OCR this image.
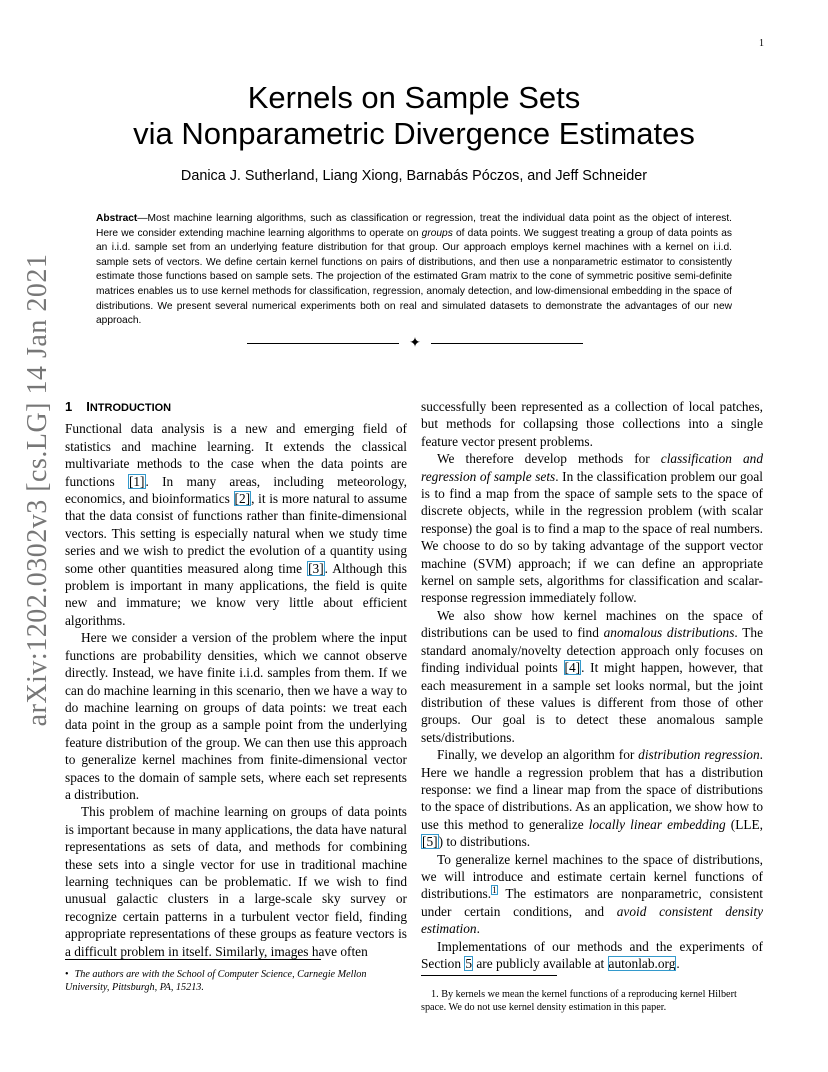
1
arXiv:1202.0302v3 [cs.LG] 14 Jan 2021
Kernels on Sample Sets
via Nonparametric Divergence Estimates
Danica J. Sutherland, Liang Xiong, Barnabás Póczos, and Jeff Schneider
Abstract—Most machine learning algorithms, such as classification or regression, treat the individual data point as the object of interest. Here we consider extending machine learning algorithms to operate on groups of data points. We suggest treating a group of data points as an i.i.d. sample set from an underlying feature distribution for that group. Our approach employs kernel machines with a kernel on i.i.d. sample sets of vectors. We define certain kernel functions on pairs of distributions, and then use a nonparametric estimator to consistently estimate those functions based on sample sets. The projection of the estimated Gram matrix to the cone of symmetric positive semi-definite matrices enables us to use kernel methods for classification, regression, anomaly detection, and low-dimensional embedding in the space of distributions. We present several numerical experiments both on real and simulated datasets to demonstrate the advantages of our new approach.
✦
1 INTRODUCTION

Functional data analysis is a new and emerging field of statistics and machine learning. It extends the classical multivariate methods to the case when the data points are functions [1]. In many areas, including meteorology, economics, and bioinformatics [2], it is more natural to assume that the data consist of functions rather than finite-dimensional vectors. This setting is especially natural when we study time series and we wish to predict the evolution of a quantity using some other quantities measured along time [3]. Although this problem is important in many applications, the field is quite new and immature; we know very little about efficient algorithms.

Here we consider a version of the problem where the input functions are probability densities, which we cannot observe directly. Instead, we have finite i.i.d. samples from them. If we can do machine learning in this scenario, then we have a way to do machine learning on groups of data points: we treat each data point in the group as a sample point from the underlying feature distribution of the group. We can then use this approach to generalize kernel machines from finite-dimensional vector spaces to the domain of sample sets, where each set represents a distribution.

This problem of machine learning on groups of data points is important because in many applications, the data have natural representations as sets of data, and methods for combining these sets into a single vector for use in traditional machine learning techniques can be problematic. If we wish to find unusual galactic clusters in a large-scale sky survey or recognize certain patterns in a turbulent vector field, finding appropriate representations of these groups as feature vectors is a difficult problem in itself. Similarly, images have often

successfully been represented as a collection of local patches, but methods for collapsing those collections into a single feature vector present problems.

We therefore develop methods for classification and regression of sample sets. In the classification problem our goal is to find a map from the space of sample sets to the space of discrete objects, while in the regression problem (with scalar response) the goal is to find a map to the space of real numbers. We choose to do so by taking advantage of the support vector machine (SVM) approach; if we can define an appropriate kernel on sample sets, algorithms for classification and scalar-response regression immediately follow.

We also show how kernel machines on the space of distributions can be used to find anomalous distributions. The standard anomaly/novelty detection approach only focuses on finding individual points [4]. It might happen, however, that each measurement in a sample set looks normal, but the joint distribution of these values is different from those of other groups. Our goal is to detect these anomalous sample sets/distributions.

Finally, we develop an algorithm for distribution regression. Here we handle a regression problem that has a distribution response: we find a linear map from the space of distributions to the space of distributions. As an application, we show how to use this method to generalize locally linear embedding (LLE, [5]) to distributions.

To generalize kernel machines to the space of distributions, we will introduce and estimate certain kernel functions of distributions.$^1$ The estimators are nonparametric, consistent under certain conditions, and avoid consistent density estimation.

Implementations of our methods and the experiments of Section 5 are publicly available at autonlab.org.

• The authors are with the School of Computer Science, Carnegie Mellon University, Pittsburgh, PA, 15213.
1. By kernels we mean the kernel functions of a reproducing kernel Hilbert space. We do not use kernel density estimation in this paper.
